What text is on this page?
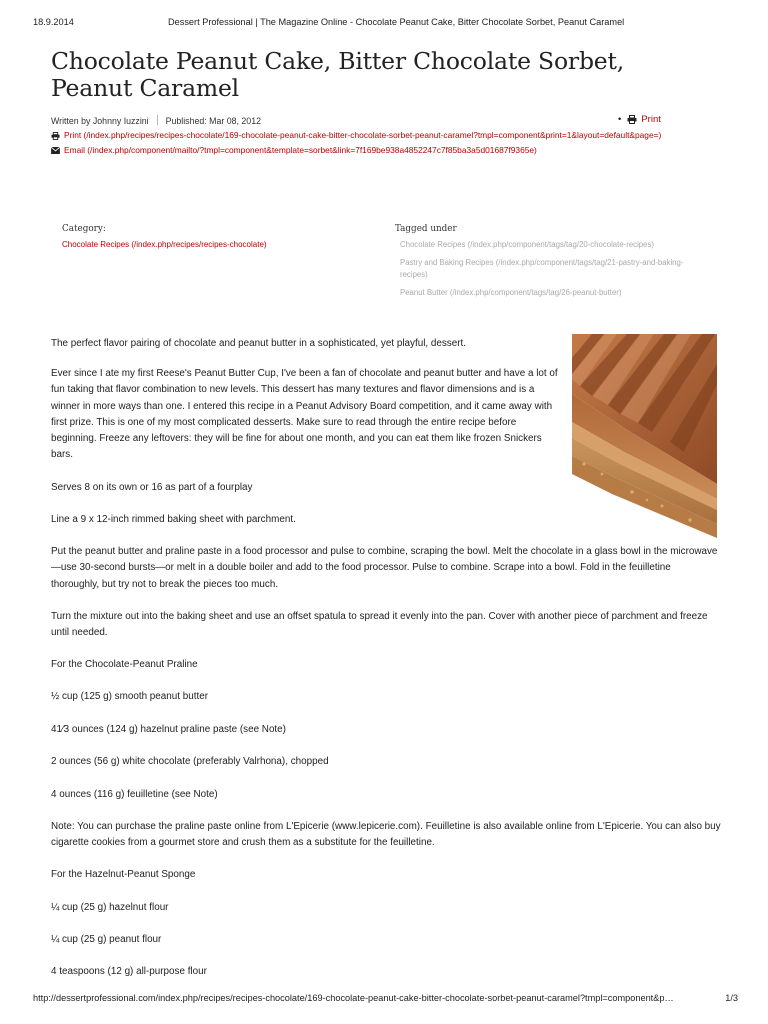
18.9.2014	Dessert Professional | The Magazine Online - Chocolate Peanut Cake, Bitter Chocolate Sorbet, Peanut Caramel
Chocolate Peanut Cake, Bitter Chocolate Sorbet, Peanut Caramel
Written by Johnny Iuzzini Published: Mar 08, 2012	• Print
Print (/index.php/recipes/recipes-chocolate/169-chocolate-peanut-cake-bitter-chocolate-sorbet-peanut-caramel?tmpl=component&print=1&layout=default&page=)
Email (/index.php/component/mailto/?tmpl=component&template=sorbet&link=7f169be938a4852247c7f85ba3a5d01687f9365e)
Category:
Chocolate Recipes (/index.php/recipes/recipes-chocolate)
Tagged under
Chocolate Recipes (/index.php/component/tags/tag/20-chocolate-recipes)
Pastry and Baking Recipes (/index.php/component/tags/tag/21-pastry-and-baking-recipes)
Peanut Butter (/index.php/component/tags/tag/26-peanut-butter)

The perfect flavor pairing of chocolate and peanut butter in a sophisticated, yet playful, dessert.

Ever since I ate my first Reese's Peanut Butter Cup, I've been a fan of chocolate and peanut butter and have a lot of fun taking that flavor combination to new levels. This dessert has many textures and flavor dimensions and is a winner in more ways than one. I entered this recipe in a Peanut Advisory Board competition, and it came away with first prize. This is one of my most complicated desserts. Make sure to read through the entire recipe before beginning. Freeze any leftovers: they will be fine for about one month, and you can eat them like frozen Snickers bars.

Serves 8 on its own or 16 as part of a fourplay

Line a 9 x 12-inch rimmed baking sheet with parchment.

Put the peanut butter and praline paste in a food processor and pulse to combine, scraping the bowl. Melt the chocolate in a glass bowl in the microwave—use 30-second bursts—or melt in a double boiler and add to the food processor. Pulse to combine. Scrape into a bowl. Fold in the feuilletine thoroughly, but try not to break the pieces too much.

Turn the mixture out into the baking sheet and use an offset spatula to spread it evenly into the pan. Cover with another piece of parchment and freeze until needed.

For the Chocolate-Peanut Praline

½ cup (125 g) smooth peanut butter

41⁄3 ounces (124 g) hazelnut praline paste (see Note)

2 ounces (56 g) white chocolate (preferably Valrhona), chopped

4 ounces (116 g) feuilletine (see Note)

Note: You can purchase the praline paste online from L'Epicerie (www.lepicerie.com). Feuilletine is also available online from L'Epicerie. You can also buy cigarette cookies from a gourmet store and crush them as a substitute for the feuilletine.

For the Hazelnut-Peanut Sponge

¼ cup (25 g) hazelnut flour

¼ cup (25 g) peanut flour

4 teaspoons (12 g) all-purpose flour

http://dessertprofessional.com/index.php/recipes/recipes-chocolate/169-chocolate-peanut-cake-bitter-chocolate-sorbet-peanut-caramel?tmpl=component&p…	1/3
